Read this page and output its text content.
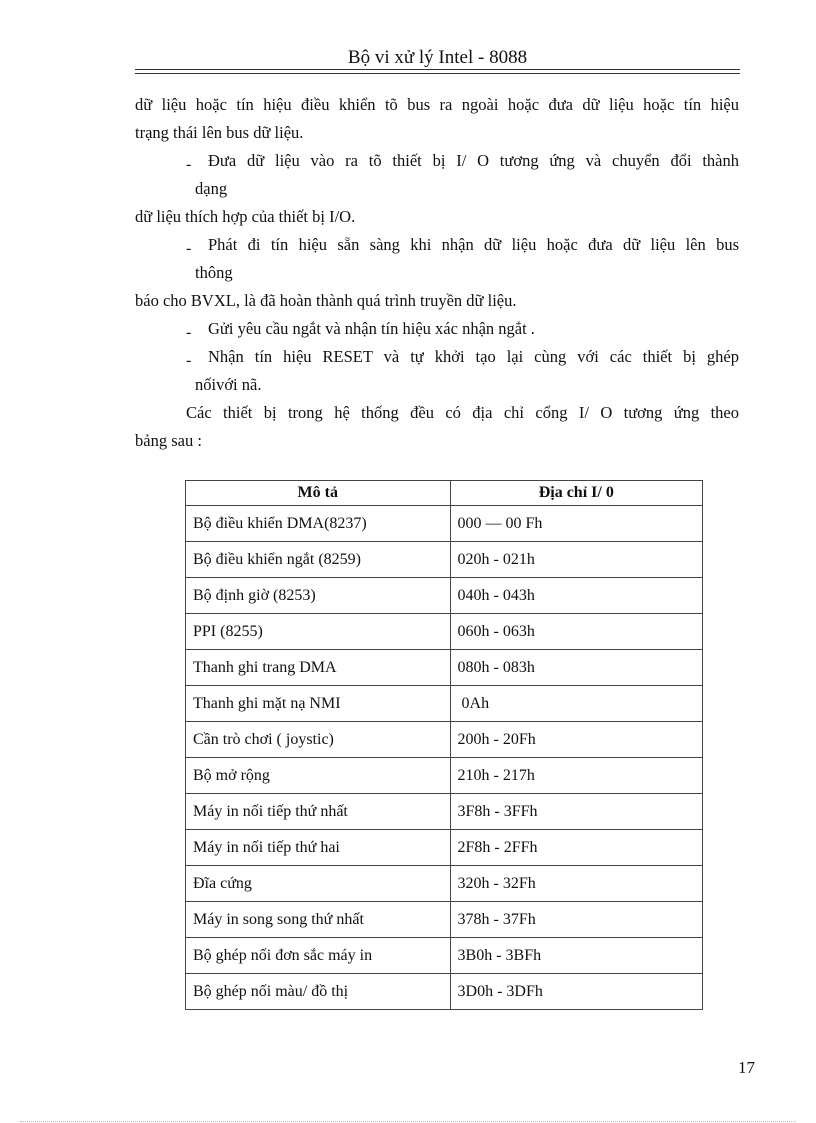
Bộ vi xử lý Intel - 8088
dữ liệu hoặc tín hiệu điều khiển tõ bus ra ngoài hoặc đưa dữ liệu hoặc tín hiệu
trạng thái lên bus dữ liệu.
- Đưa dữ liệu vào ra tõ thiết bị I/ O tương ứng và chuyển đổi thành
dạng
dữ liệu thích hợp của thiết bị I/O.
- Phát đi tín hiệu sẵn sàng khi nhận dữ liệu hoặc đưa dữ liệu lên bus
thông
báo cho BVXL, là đã hoàn thành quá trình truyền dữ liệu.
- Gửi yêu cầu ngắt và nhận tín hiệu xác nhận ngắt .
- Nhận tín hiệu RESET và tự khởi tạo lại cùng với các thiết bị ghép
nốivới nã.
Các thiết bị trong hệ thống đều có địa chỉ cổng I/ O tương ứng theo
bảng sau :
Mô tả	Địa chỉ I/ 0
Bộ điều khiển DMA(8237)	000 — 00 Fh
Bộ điều khiển ngắt (8259)	020h - 021h
Bộ định giờ (8253)	040h - 043h
PPI (8255)	060h - 063h
Thanh ghi trang DMA	080h - 083h
Thanh ghi mặt nạ NMI	0Ah
Cần trò chơi ( joystic)	200h - 20Fh
Bộ mở rộng	210h - 217h
Máy in nối tiếp thứ nhất	3F8h - 3FFh
Máy in nối tiếp thứ hai	2F8h - 2FFh
Đĩa cứng	320h - 32Fh
Máy in song song thứ nhất	378h - 37Fh
Bộ ghép nối đơn sắc máy in	3B0h - 3BFh
Bộ ghép nối màu/ đồ thị	3D0h - 3DFh
17
